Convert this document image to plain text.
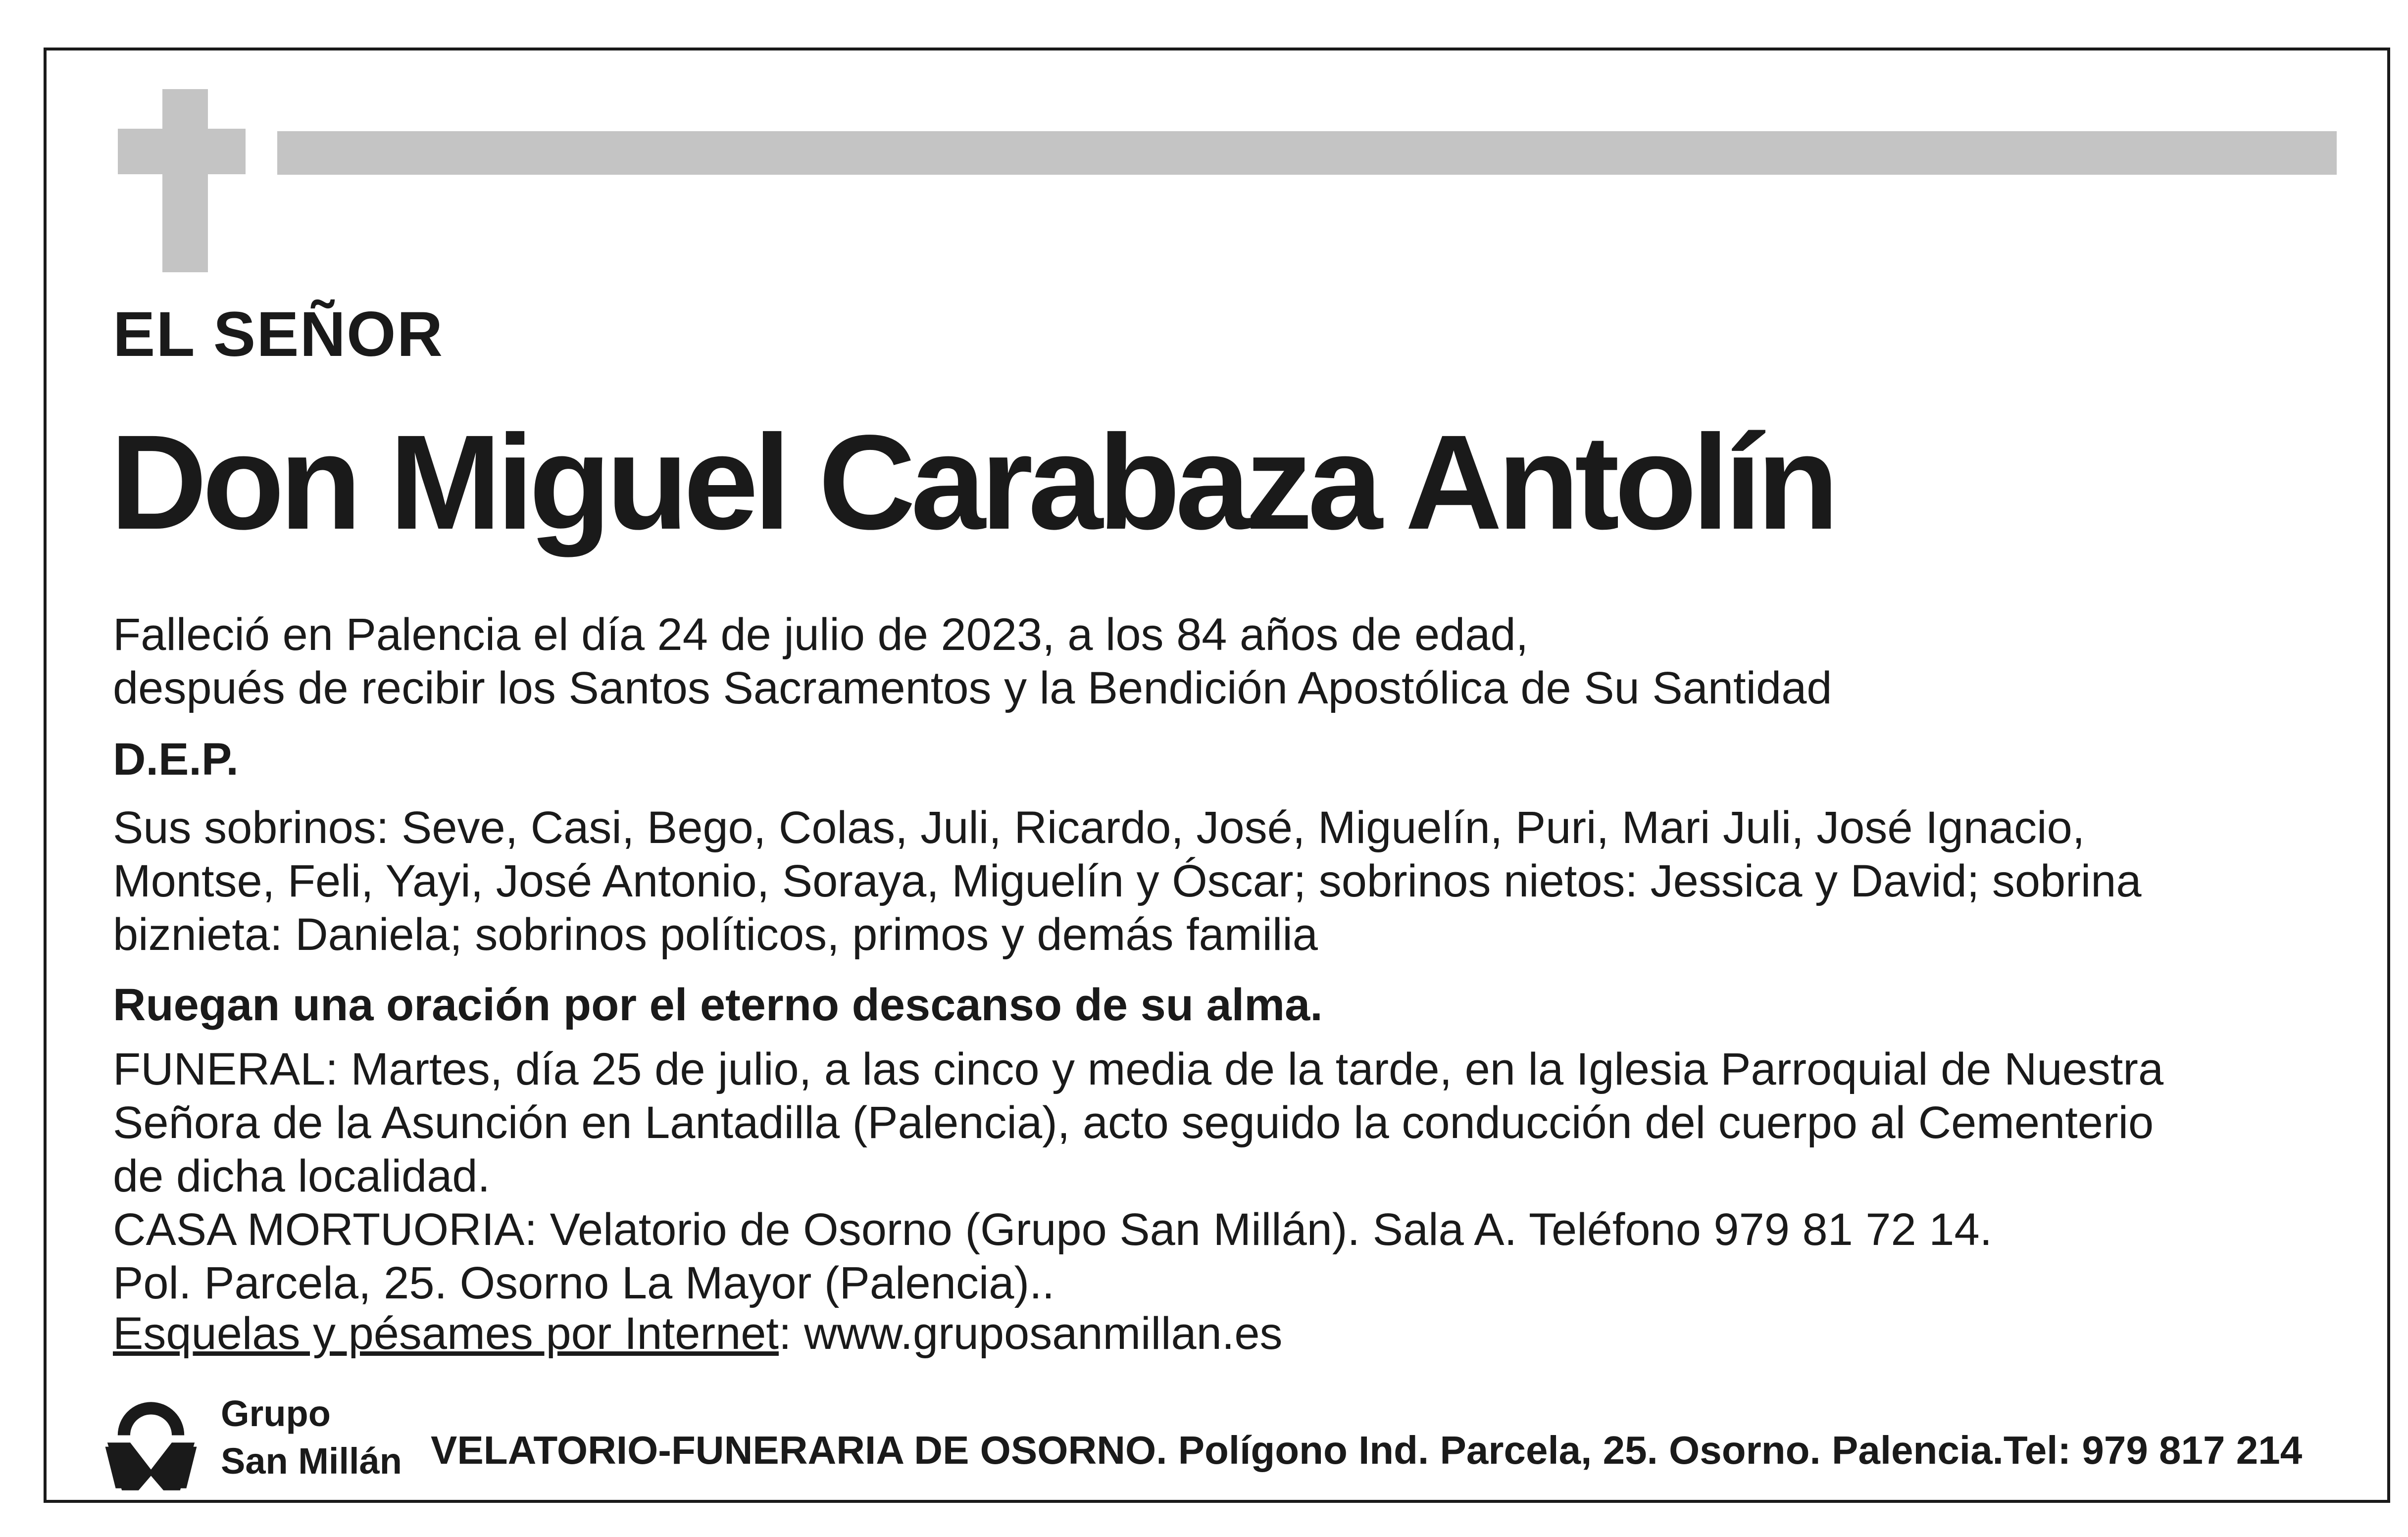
EL SEÑOR
Don Miguel Carabaza Antolín
Falleció en Palencia el día 24 de julio de 2023, a los 84 años de edad,
después de recibir los Santos Sacramentos y la Bendición Apostólica de Su Santidad
D.E.P.
Sus sobrinos: Seve, Casi, Bego, Colas, Juli, Ricardo, José, Miguelín, Puri, Mari Juli, José Ignacio,
Montse, Feli, Yayi, José Antonio, Soraya, Miguelín y Óscar; sobrinos nietos: Jessica y David; sobrina
biznieta: Daniela; sobrinos políticos, primos y demás familia
Ruegan una oración por el eterno descanso de su alma.
FUNERAL: Martes, día 25 de julio, a las cinco y media de la tarde, en la Iglesia Parroquial de Nuestra
Señora de la Asunción en Lantadilla (Palencia), acto seguido la conducción del cuerpo al Cementerio
de dicha localidad.
CASA MORTUORIA: Velatorio de Osorno (Grupo San Millán). Sala A. Teléfono 979 81 72 14.
Pol. Parcela, 25. Osorno La Mayor (Palencia)..
Esquelas y pésames por Internet: www.gruposanmillan.es
Grupo
San Millán VELATORIO-FUNERARIA DE OSORNO. Polígono Ind. Parcela, 25. Osorno. Palencia.Tel: 979 817 214
